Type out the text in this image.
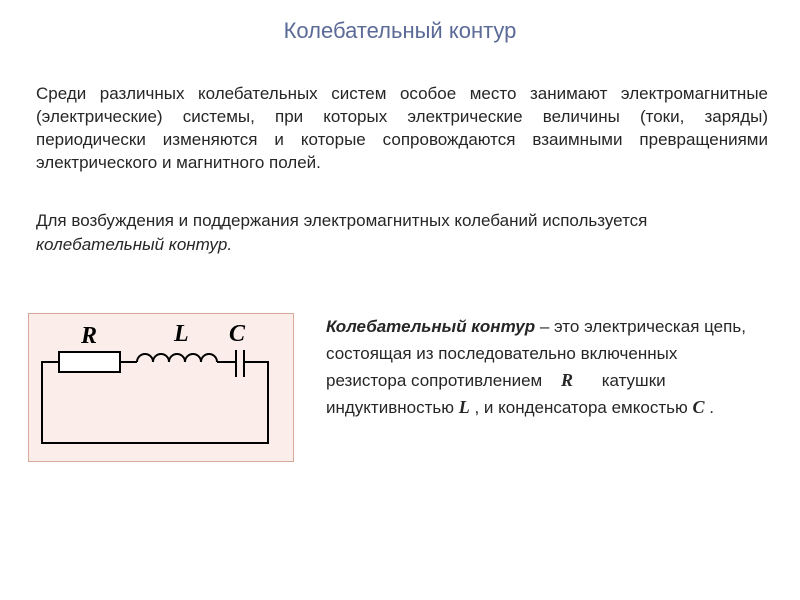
Колебательный контур

Среди различных колебательных систем особое место занимают электромагнитные (электрические) системы, при которых электрические величины (токи, заряды) периодически изменяются и которые сопровождаются взаимными превращениями электрического и магнитного полей.

Для возбуждения и поддержания электромагнитных колебаний используется колебательный контур.

R	L C	Колебательный контур – это электрическая цепь, состоящая из последовательно включенных резистора сопротивлением R катушки индуктивностью L , и конденсатора емкостью C .
